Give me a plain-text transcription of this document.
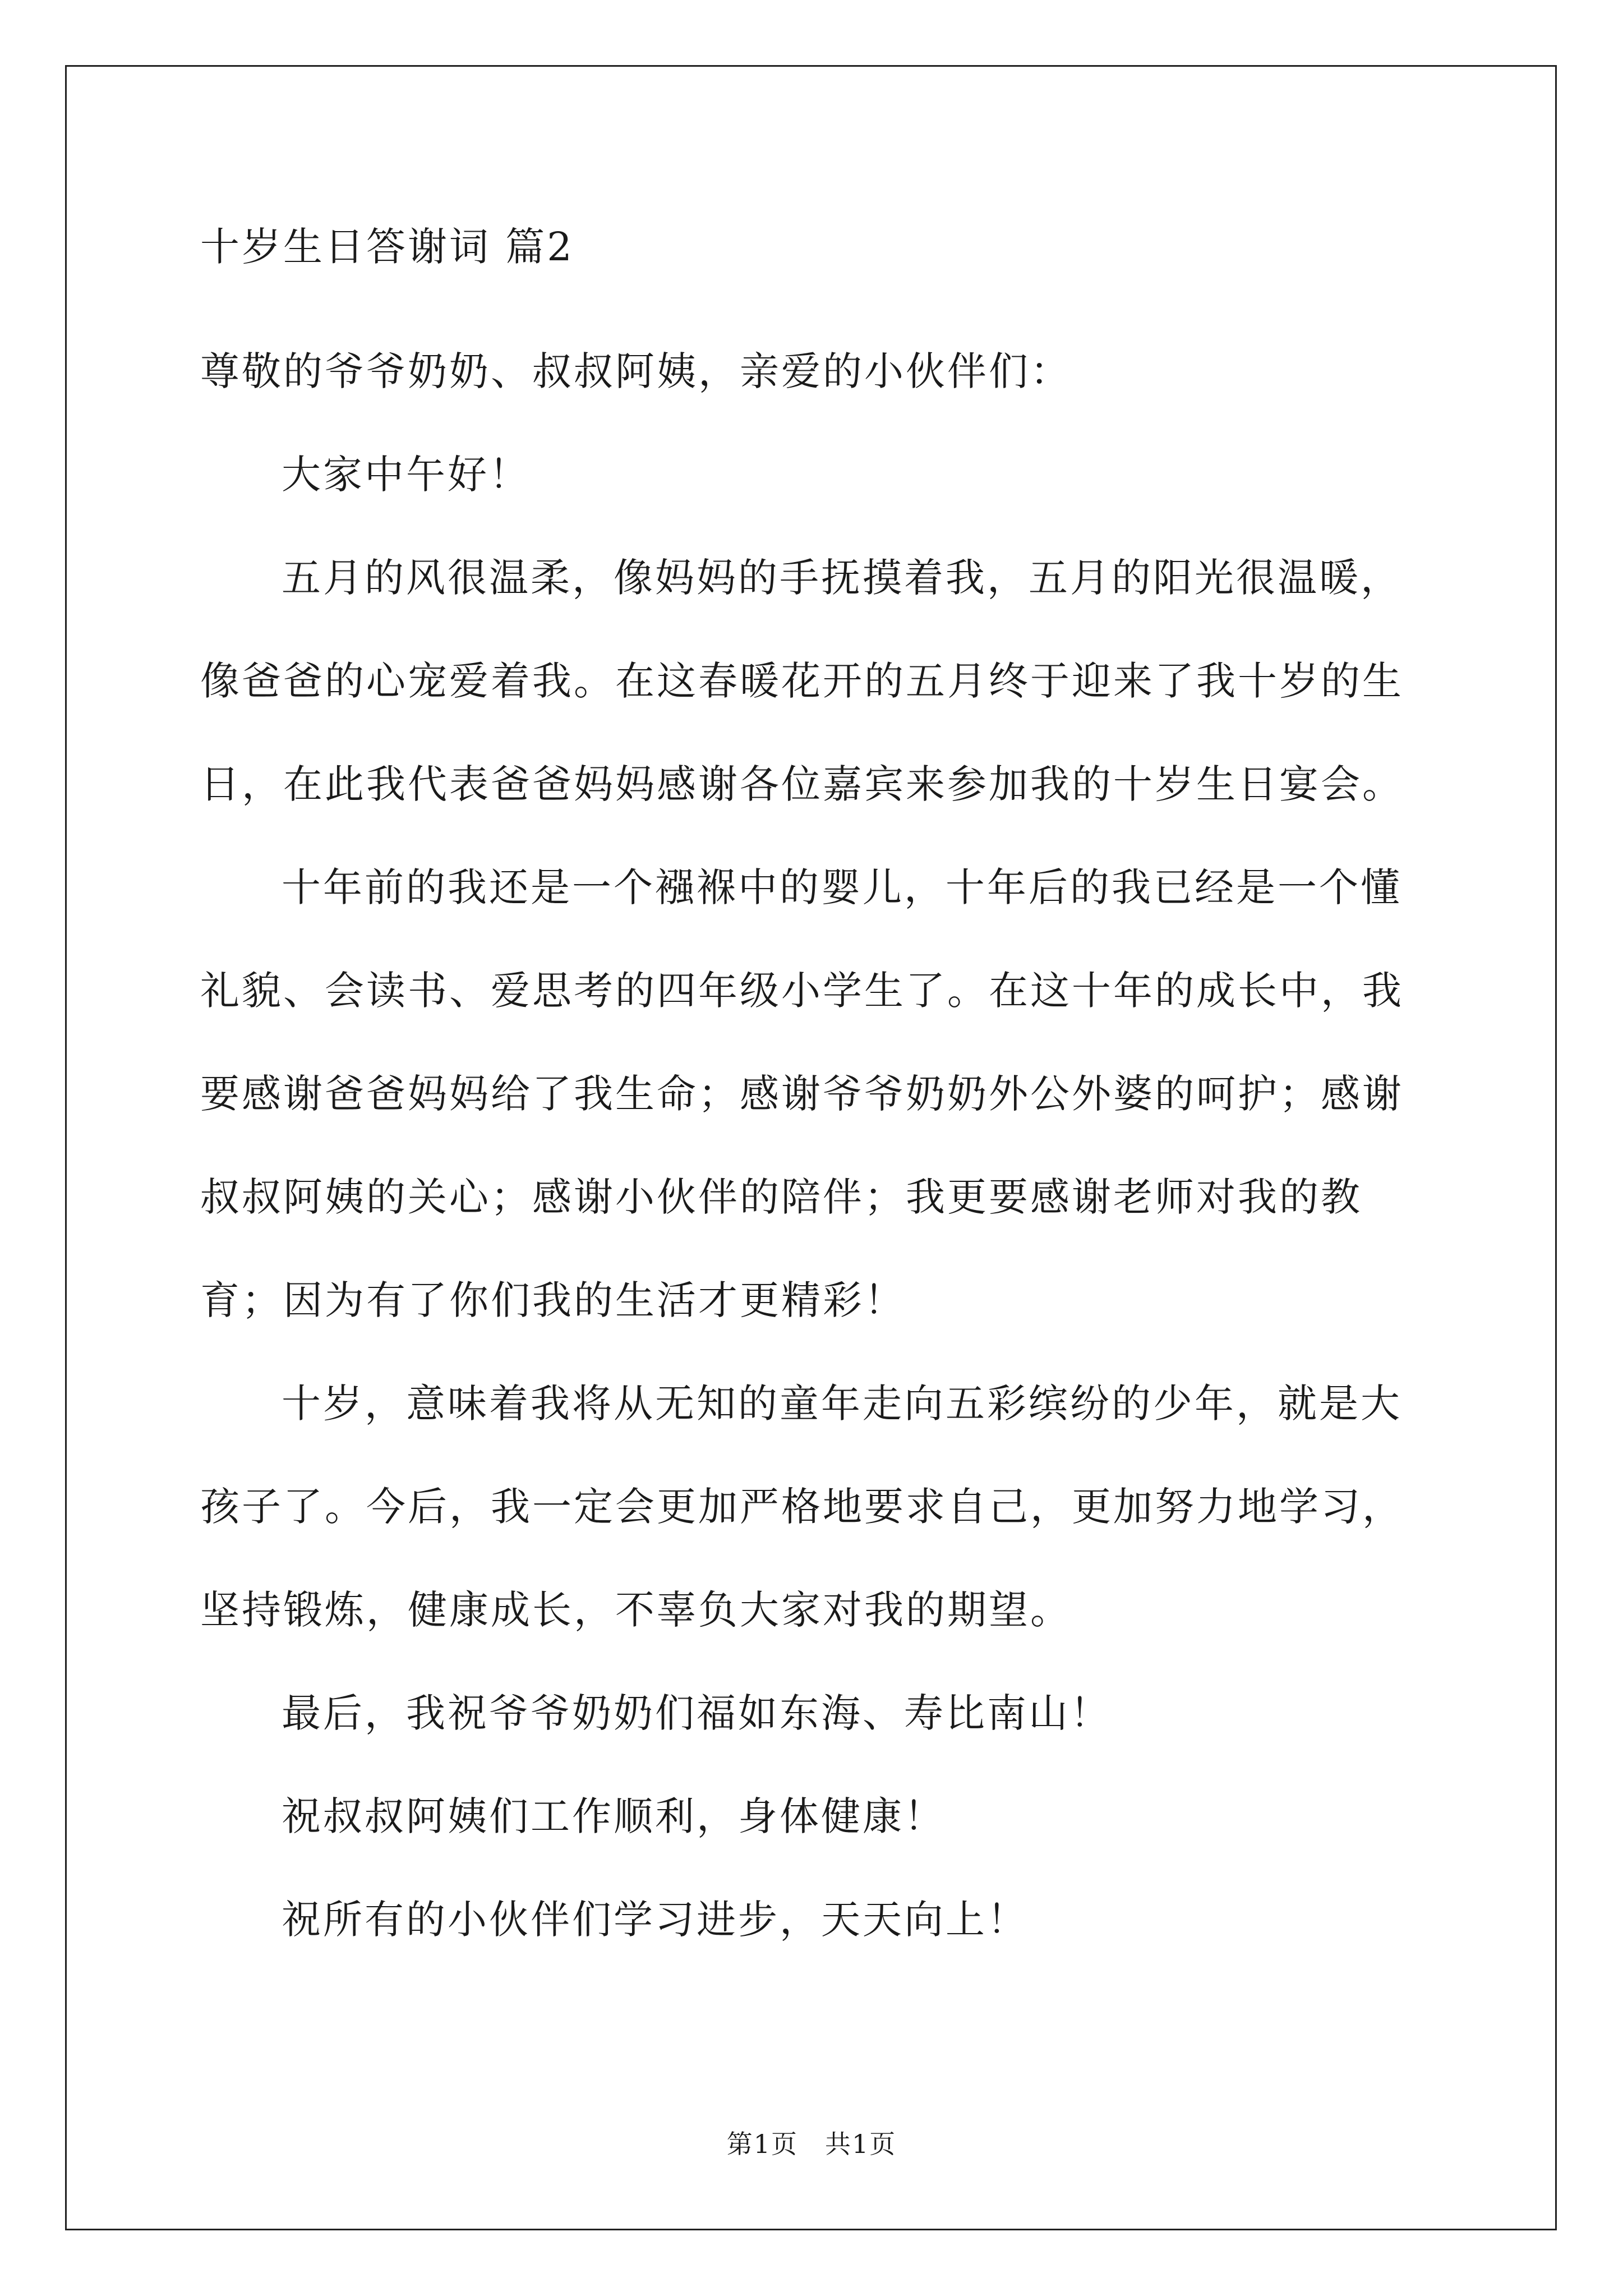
十岁生日答谢词 篇2

尊敬的爷爷奶奶、叔叔阿姨，亲爱的小伙伴们：

大家中午好！

五月的风很温柔，像妈妈的手抚摸着我，五月的阳光很温暖，像爸爸的心宠爱着我。在这春暖花开的五月终于迎来了我十岁的生日，在此我代表爸爸妈妈感谢各位嘉宾来参加我的十岁生日宴会。

十年前的我还是一个襁褓中的婴儿，十年后的我已经是一个懂礼貌、会读书、爱思考的四年级小学生了。在这十年的成长中，我要感谢爸爸妈妈给了我生命；感谢爷爷奶奶外公外婆的呵护；感谢叔叔阿姨的关心；感谢小伙伴的陪伴；我更要感谢老师对我的教育；因为有了你们我的生活才更精彩！

十岁，意味着我将从无知的童年走向五彩缤纷的少年，就是大孩子了。今后，我一定会更加严格地要求自己，更加努力地学习，坚持锻炼，健康成长，不辜负大家对我的期望。

最后，我祝爷爷奶奶们福如东海、寿比南山！

祝叔叔阿姨们工作顺利，身体健康！

祝所有的小伙伴们学习进步，天天向上！

第1页　共1页
